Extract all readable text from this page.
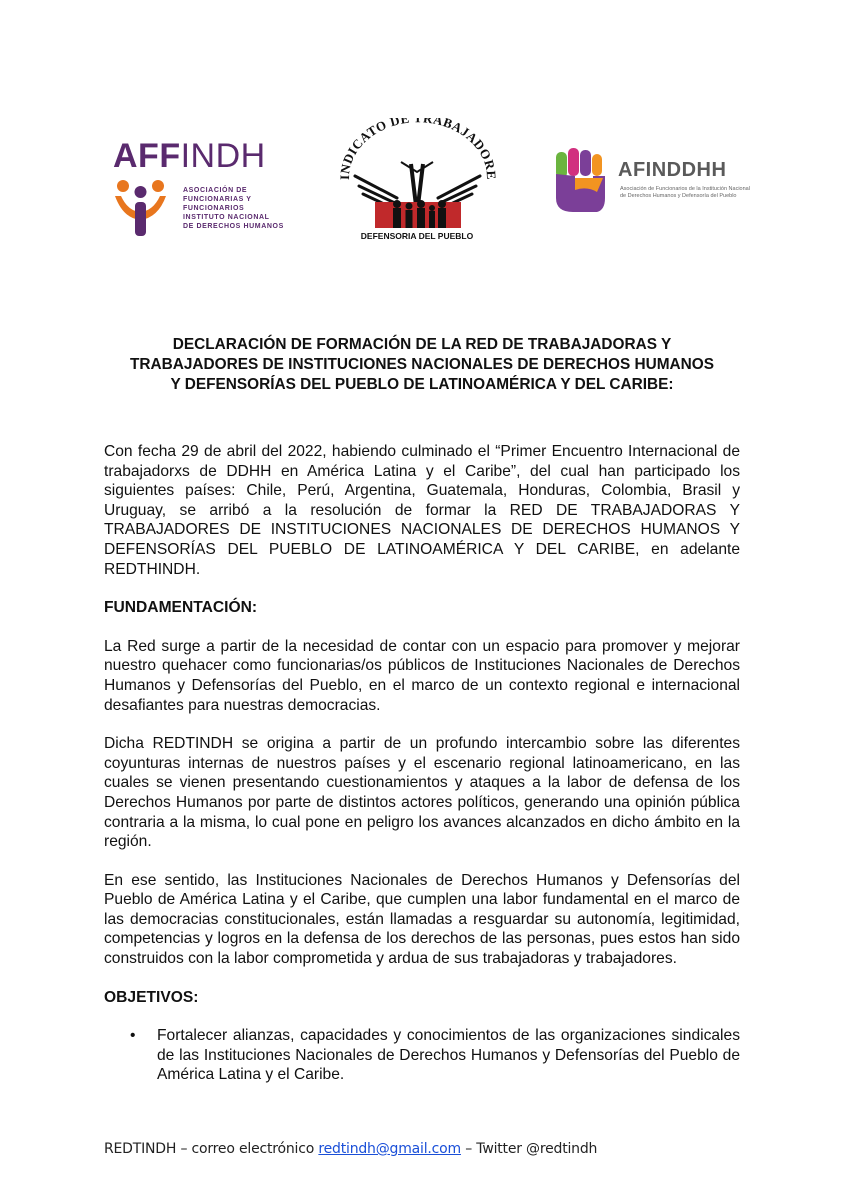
AFFINDH
ASOCIACIÓN DE
FUNCIONARIAS Y FUNCIONARIOS
INSTITUTO NACIONAL
DE DERECHOS HUMANOS
INDICATO DE RABAJADORE
DEFENSORIA DEL PUEBLO
AFINDDHH
Asociación de Funcionarios de la Institución Nacional
de Derechos Humanos y Defensoría del Pueblo
DECLARACIÓN DE FORMACIÓN DE LA RED DE TRABAJADORAS Y
TRABAJADORES DE INSTITUCIONES NACIONALES DE DERECHOS HUMANOS
Y DEFENSORÍAS DEL PUEBLO DE LATINOAMÉRICA Y DEL CARIBE:

Con fecha 29 de abril del 2022, habiendo culminado el “Primer Encuentro Internacional de trabajadorxs de DDHH en América Latina y el Caribe”, del cual han participado los siguientes países: Chile, Perú, Argentina, Guatemala, Honduras, Colombia, Brasil y Uruguay, se arribó a la resolución de formar la RED DE TRABAJADORAS Y TRABAJADORES DE INSTITUCIONES NACIONALES DE DERECHOS HUMANOS Y DEFENSORÍAS DEL PUEBLO DE LATINOAMÉRICA Y DEL CARIBE, en adelante REDTHINDH.

FUNDAMENTACIÓN:

La Red surge a partir de la necesidad de contar con un espacio para promover y mejorar nuestro quehacer como funcionarias/os públicos de Instituciones Nacionales de Derechos Humanos y Defensorías del Pueblo, en el marco de un contexto regional e internacional desafiantes para nuestras democracias.

Dicha REDTINDH se origina a partir de un profundo intercambio sobre las diferentes coyunturas internas de nuestros países y el escenario regional latinoamericano, en las cuales se vienen presentando cuestionamientos y ataques a la labor de defensa de los Derechos Humanos por parte de distintos actores políticos, generando una opinión pública contraria a la misma, lo cual pone en peligro los avances alcanzados en dicho ámbito en la región.

En ese sentido, las Instituciones Nacionales de Derechos Humanos y Defensorías del Pueblo de América Latina y el Caribe, que cumplen una labor fundamental en el marco de las democracias constitucionales, están llamadas a resguardar su autonomía, legitimidad, competencias y logros en la defensa de los derechos de las personas, pues estos han sido construidos con la labor comprometida y ardua de sus trabajadoras y trabajadores.

OBJETIVOS:

• Fortalecer alianzas, capacidades y conocimientos de las organizaciones sindicales de las Instituciones Nacionales de Derechos Humanos y Defensorías del Pueblo de América Latina y el Caribe.
REDTINDH – correo electrónico redtindh@gmail.com – Twitter @redtindh
